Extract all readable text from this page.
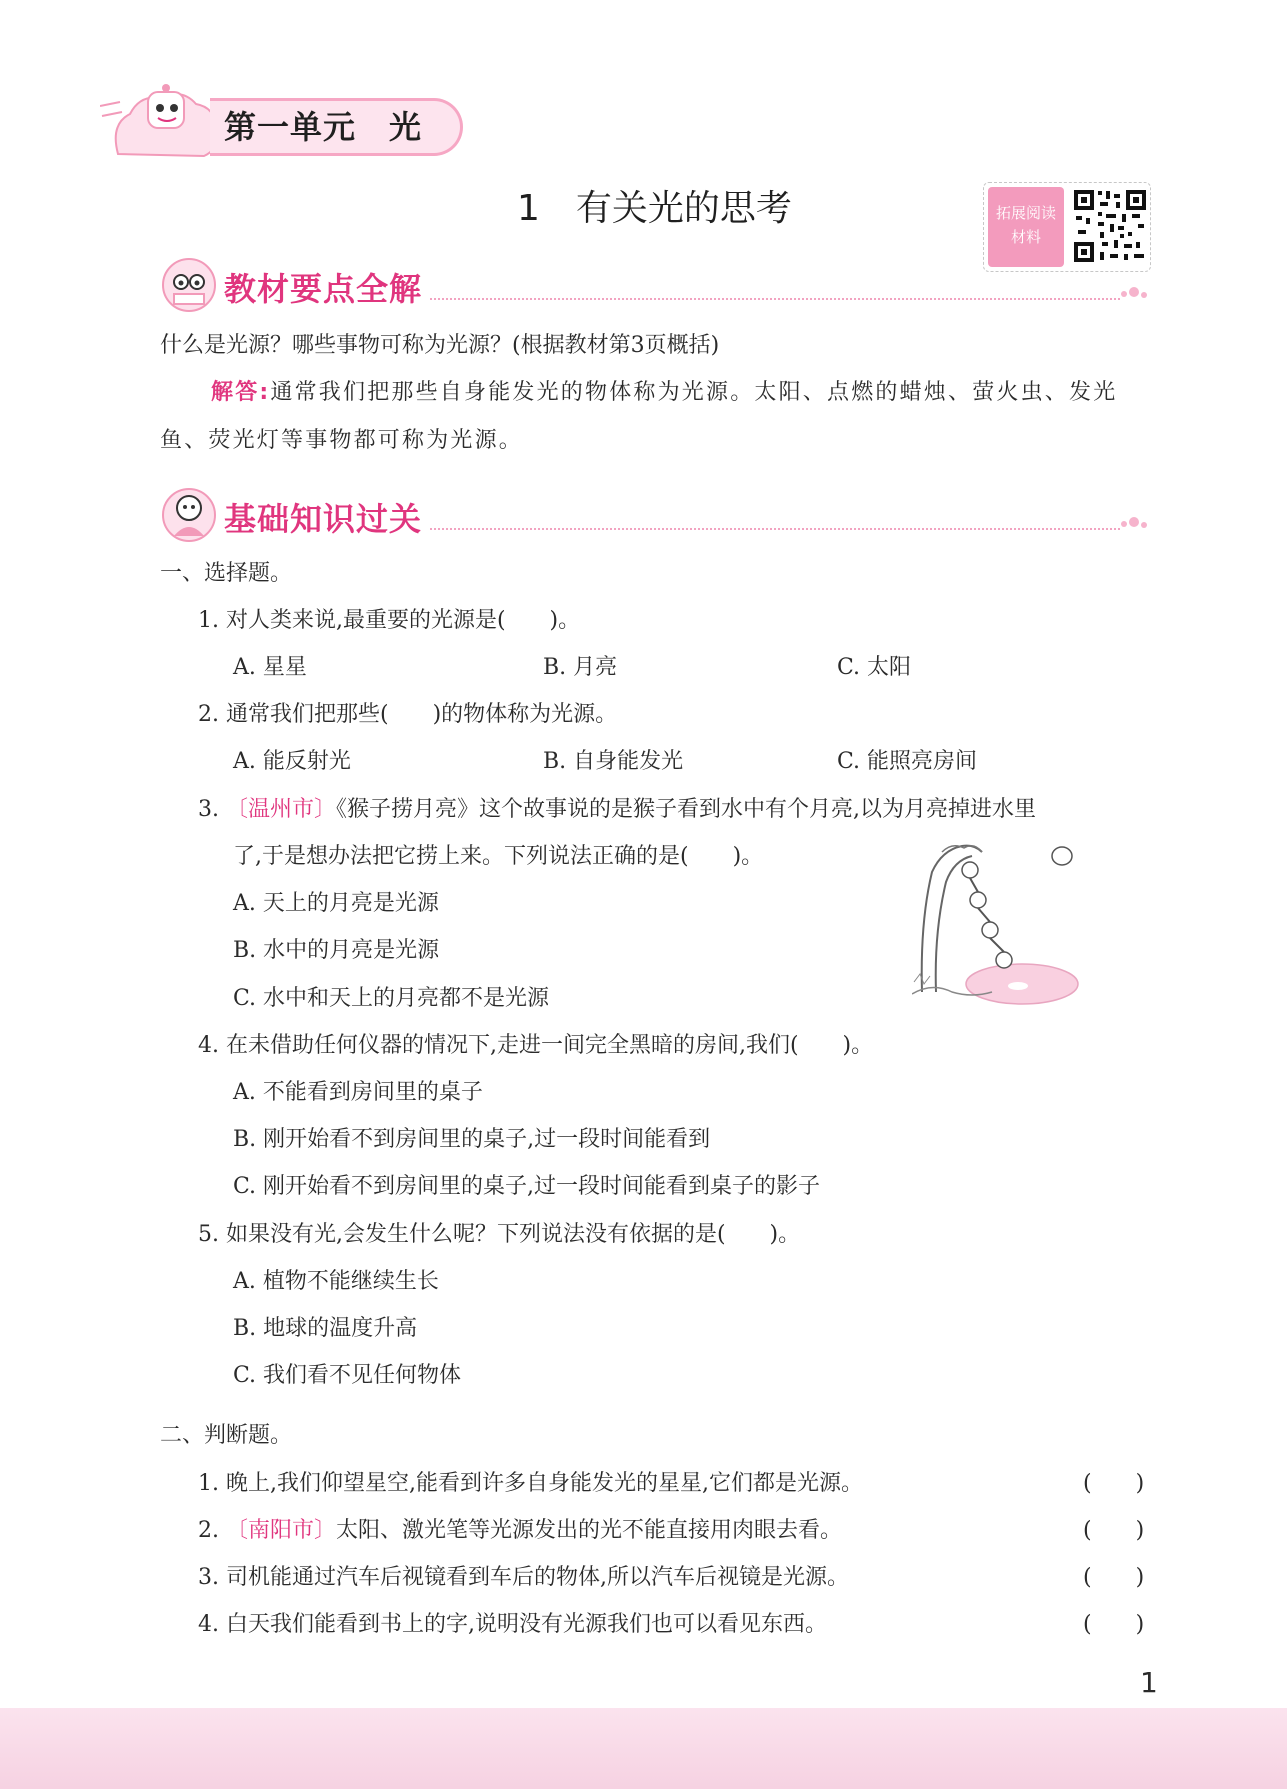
第一单元　光
1　有关光的思考	拓展阅读
材料
教材要点全解
什么是光源？哪些事物可称为光源？(根据教材第3页概括)
解答:通常我们把那些自身能发光的物体称为光源。太阳、点燃的蜡烛、萤火虫、发光
鱼、荧光灯等事物都可称为光源。
基础知识过关
一、选择题。
1. 对人类来说,最重要的光源是(　　)。
A. 星星	B. 月亮	C. 太阳
2. 通常我们把那些(　　)的物体称为光源。
A. 能反射光	B. 自身能发光	C. 能照亮房间
3. 〔温州市〕《猴子捞月亮》这个故事说的是猴子看到水中有个月亮,以为月亮掉进水里
了,于是想办法把它捞上来。下列说法正确的是(　　)。
A. 天上的月亮是光源
B. 水中的月亮是光源
C. 水中和天上的月亮都不是光源
4. 在未借助任何仪器的情况下,走进一间完全黑暗的房间,我们(　　)。
A. 不能看到房间里的桌子
B. 刚开始看不到房间里的桌子,过一段时间能看到
C. 刚开始看不到房间里的桌子,过一段时间能看到桌子的影子
5. 如果没有光,会发生什么呢？下列说法没有依据的是(　　)。
A. 植物不能继续生长
B. 地球的温度升高
C. 我们看不见任何物体
二、判断题。
1. 晚上,我们仰望星空,能看到许多自身能发光的星星,它们都是光源。	(　　)
2. 〔南阳市〕太阳、激光笔等光源发出的光不能直接用肉眼去看。	(　　)
3. 司机能通过汽车后视镜看到车后的物体,所以汽车后视镜是光源。	(　　)
4. 白天我们能看到书上的字,说明没有光源我们也可以看见东西。	(　　)
1
